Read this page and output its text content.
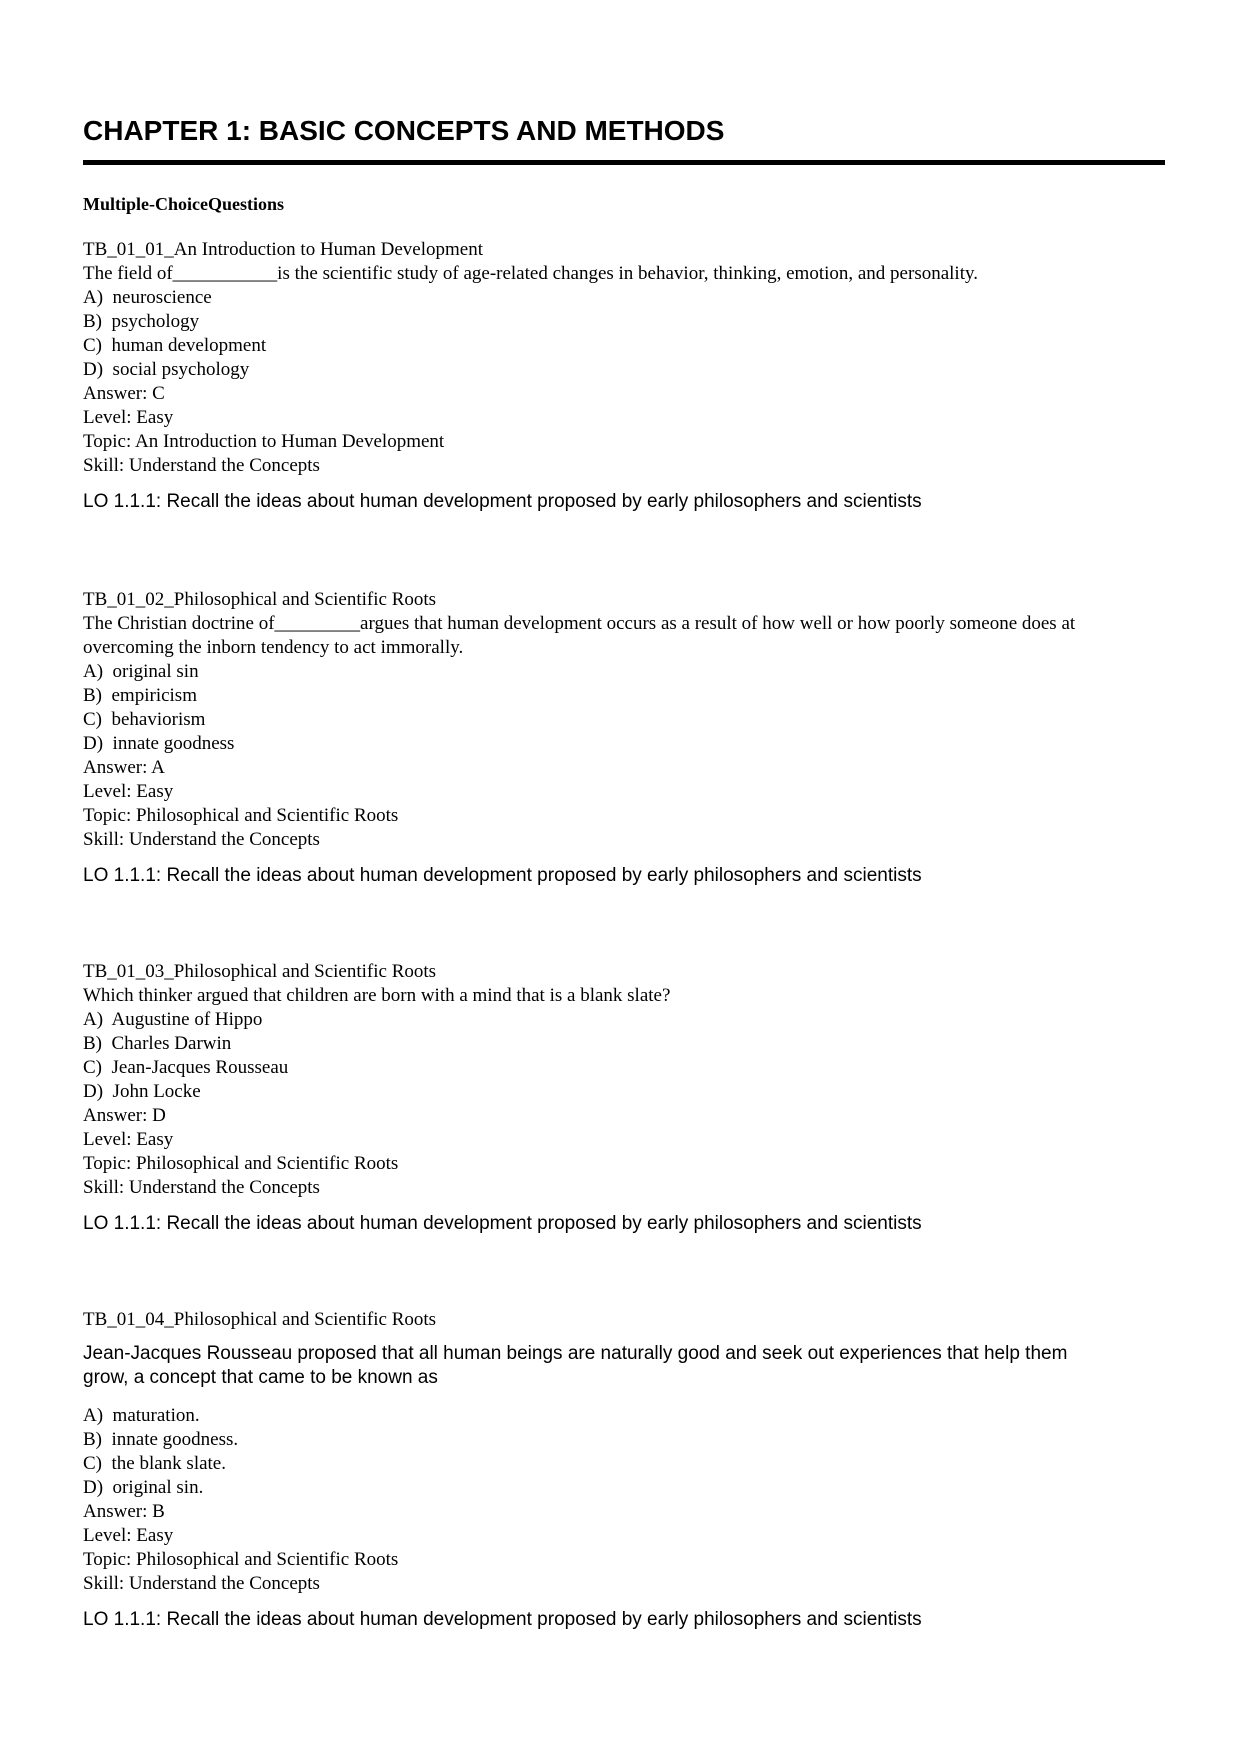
CHAPTER 1: BASIC CONCEPTS AND METHODS
Multiple-ChoiceQuestions
TB_01_01_An Introduction to Human Development
The field of___________is the scientific study of age-related changes in behavior, thinking, emotion, and personality.
A)  neuroscience
B)  psychology
C)  human development
D)  social psychology
Answer: C
Level: Easy
Topic: An Introduction to Human Development
Skill: Understand the Concepts
LO 1.1.1: Recall the ideas about human development proposed by early philosophers and scientists
TB_01_02_Philosophical and Scientific Roots
The Christian doctrine of_________argues that human development occurs as a result of how well or how poorly someone does at overcoming the inborn tendency to act immorally.
A)  original sin
B)  empiricism
C)  behaviorism
D)  innate goodness
Answer: A
Level: Easy
Topic: Philosophical and Scientific Roots
Skill: Understand the Concepts
LO 1.1.1: Recall the ideas about human development proposed by early philosophers and scientists
TB_01_03_Philosophical and Scientific Roots
Which thinker argued that children are born with a mind that is a blank slate?
A)  Augustine of Hippo
B)  Charles Darwin
C)  Jean-Jacques Rousseau
D)  John Locke
Answer: D
Level: Easy
Topic: Philosophical and Scientific Roots
Skill: Understand the Concepts
LO 1.1.1: Recall the ideas about human development proposed by early philosophers and scientists
TB_01_04_Philosophical and Scientific Roots
Jean-Jacques Rousseau proposed that all human beings are naturally good and seek out experiences that help them grow, a concept that came to be known as
A)  maturation.
B)  innate goodness.
C)  the blank slate.
D)  original sin.
Answer: B
Level: Easy
Topic: Philosophical and Scientific Roots
Skill: Understand the Concepts
LO 1.1.1: Recall the ideas about human development proposed by early philosophers and scientists
